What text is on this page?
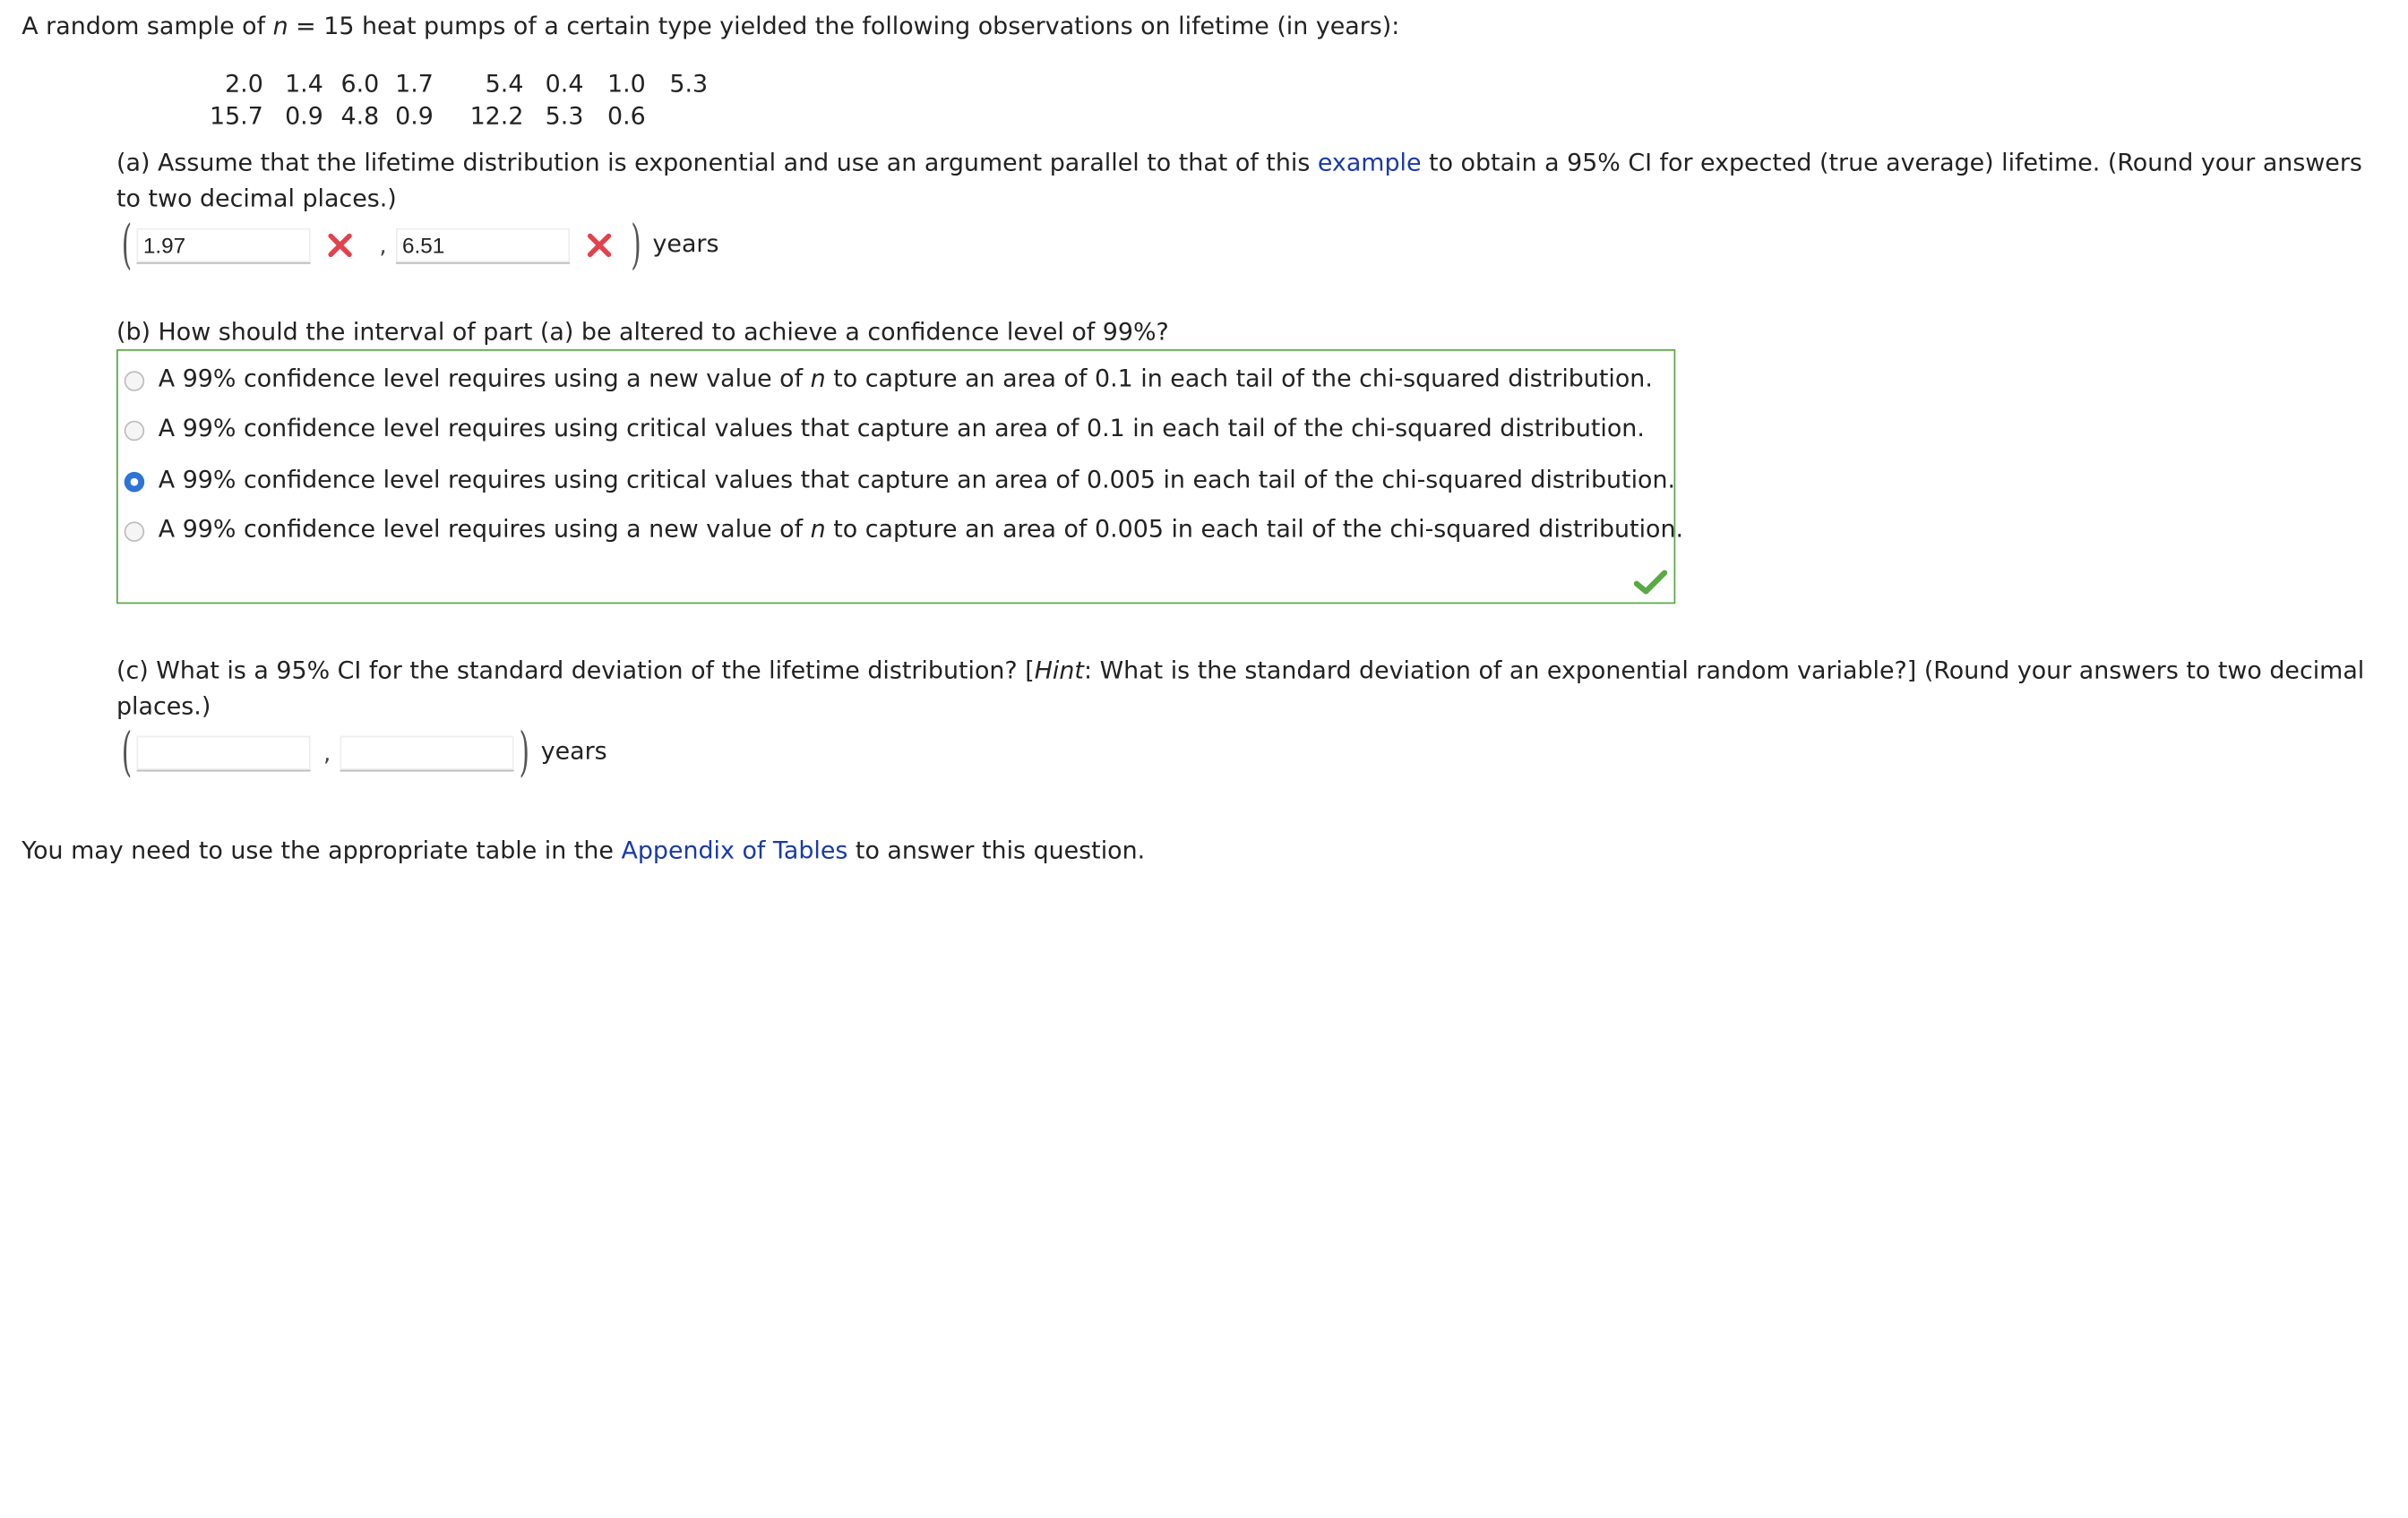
A random sample of n = 15 heat pumps of a certain type yielded the following observations on lifetime (in years):
2.0	1.4	6.0	1.7	5.4	0.4	1.0	5.3
15.7	0.9	4.8	0.9	12.2	5.3	0.6	
(a) Assume that the lifetime distribution is exponential and use an argument parallel to that of this example to obtain a 95% CI for expected (true average) lifetime. (Round your answers to two decimal places.)
(
1.97	,
6.51	) years
(b) How should the interval of part (a) be altered to achieve a confidence level of 99%?
A 99% confidence level requires using a new value of n to capture an area of 0.1 in each tail of the chi-squared distribution.
A 99% confidence level requires using critical values that capture an area of 0.1 in each tail of the chi-squared distribution.
A 99% confidence level requires using critical values that capture an area of 0.005 in each tail of the chi-squared distribution.
A 99% confidence level requires using a new value of n to capture an area of 0.005 in each tail of the chi-squared distribution.
(c) What is a 95% CI for the standard deviation of the lifetime distribution? [Hint: What is the standard deviation of an exponential random variable?] (Round your answers to two decimal places.)
(	,	) years
You may need to use the appropriate table in the Appendix of Tables to answer this question.
